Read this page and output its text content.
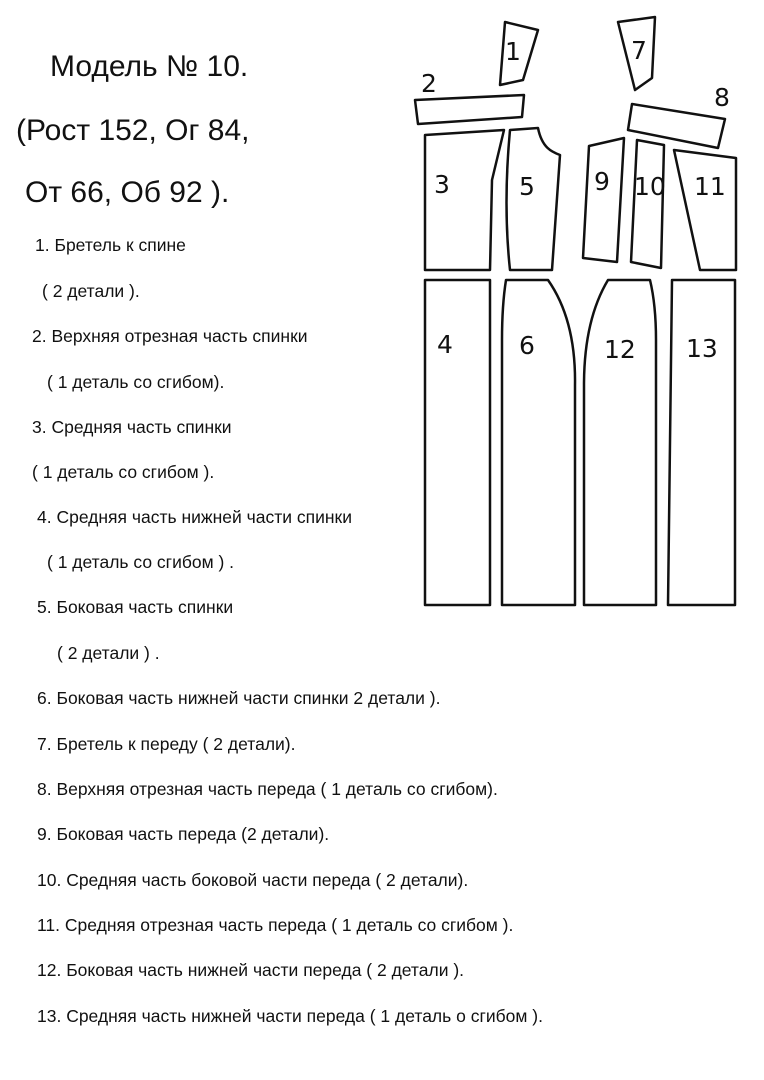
Модель № 10.
(Рост 152, Ог 84,
От 66, Об 92 ).
1. Бретель к спине
( 2 детали ).
2. Верхняя отрезная часть спинки
( 1 деталь со сгибом).
3. Средняя часть спинки
( 1 деталь со сгибом ).
4. Средняя часть нижней части спинки
( 1 деталь со сгибом ) .
5. Боковая часть спинки
( 2 детали ) .
6. Боковая часть нижней части спинки 2 детали ).
7. Бретель к переду ( 2 детали).
8. Верхняя отрезная часть переда ( 1 деталь со сгибом).
9. Боковая часть переда (2 детали).
10. Средняя часть боковой части переда ( 2 детали).
11. Средняя отрезная часть переда ( 1 деталь со сгибом ).
12. Боковая часть нижней части переда ( 2 детали ).
13. Средняя часть нижней части переда ( 1 деталь о сгибом ).
1
2
3
4
5
6
7
8
9 10 11
12 13
